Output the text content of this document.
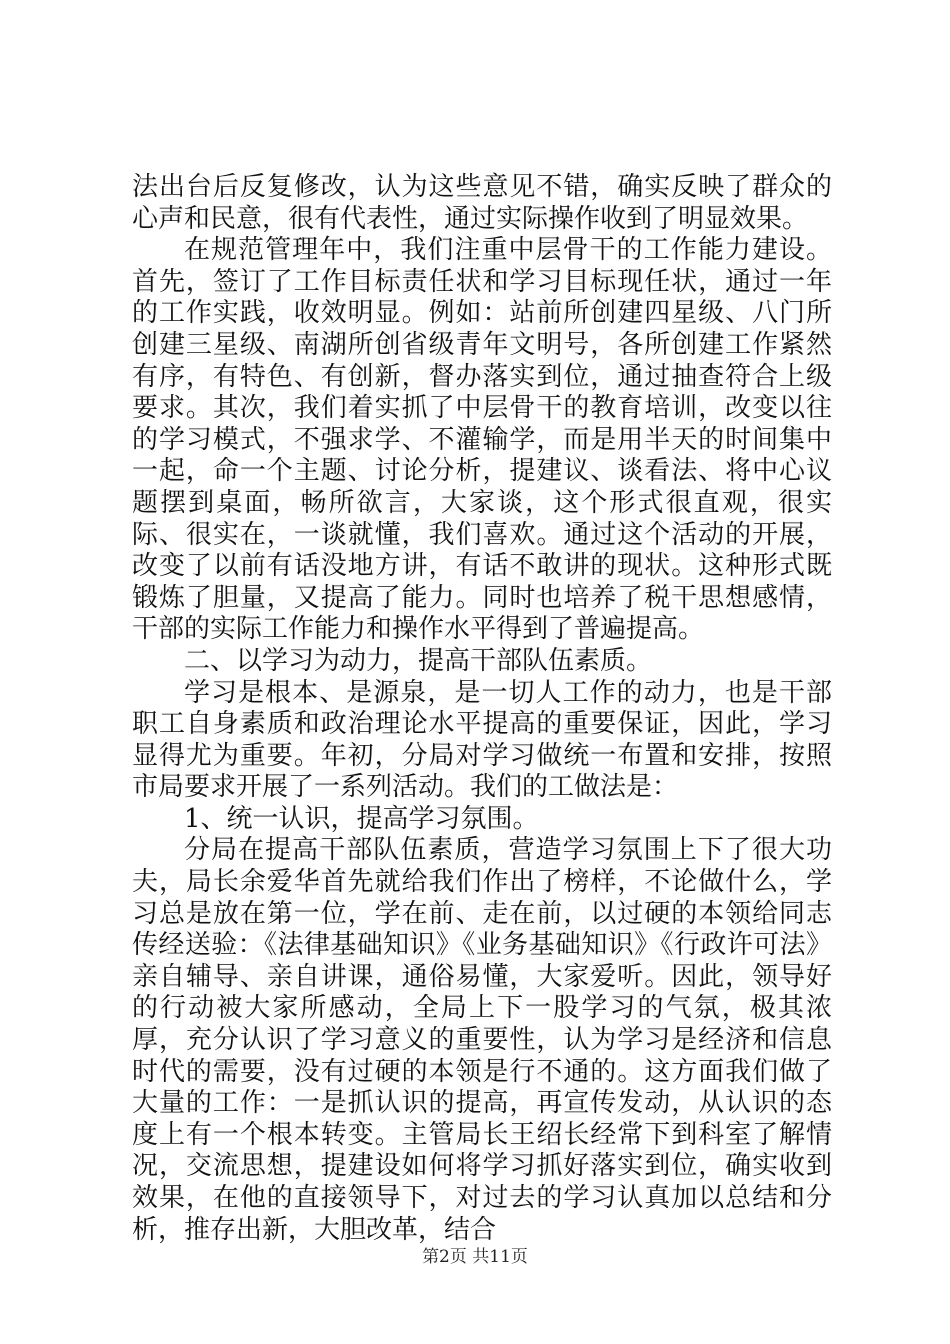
法出台后反复修改，认为这些意见不错，确实反映了群众的心声和民意，很有代表性，通过实际操作收到了明显效果。

在规范管理年中，我们注重中层骨干的工作能力建设。首先，签订了工作目标责任状和学习目标现任状，通过一年的工作实践，收效明显。例如：站前所创建四星级、八门所创建三星级、南湖所创省级青年文明号，各所创建工作紧然有序，有特色、有创新，督办落实到位，通过抽查符合上级要求。其次，我们着实抓了中层骨干的教育培训，改变以往的学习模式，不强求学、不灌输学，而是用半天的时间集中一起，命一个主题、讨论分析，提建议、谈看法、将中心议题摆到桌面，畅所欲言，大家谈，这个形式很直观，很实际、很实在，一谈就懂，我们喜欢。通过这个活动的开展，改变了以前有话没地方讲，有话不敢讲的现状。这种形式既锻炼了胆量，又提高了能力。同时也培养了税干思想感情，干部的实际工作能力和操作水平得到了普遍提高。

二、以学习为动力，提高干部队伍素质。

学习是根本、是源泉，是一切人工作的动力，也是干部职工自身素质和政治理论水平提高的重要保证，因此，学习显得尤为重要。年初，分局对学习做统一布置和安排，按照市局要求开展了一系列活动。我们的工做法是：

1、统一认识，提高学习氛围。

分局在提高干部队伍素质，营造学习氛围上下了很大功夫，局长余爱华首先就给我们作出了榜样，不论做什么，学习总是放在第一位，学在前、走在前，以过硬的本领给同志传经送验：《法律基础知识》《业务基础知识》《行政许可法》亲自辅导、亲自讲课，通俗易懂，大家爱听。因此，领导好的行动被大家所感动，全局上下一股学习的气氛，极其浓厚，充分认识了学习意义的重要性，认为学习是经济和信息时代的需要，没有过硬的本领是行不通的。这方面我们做了大量的工作：一是抓认识的提高，再宣传发动，从认识的态度上有一个根本转变。主管局长王绍长经常下到科室了解情况，交流思想，提建设如何将学习抓好落实到位，确实收到效果，在他的直接领导下，对过去的学习认真加以总结和分析，推存出新，大胆改革，结合

第2页 共11页
